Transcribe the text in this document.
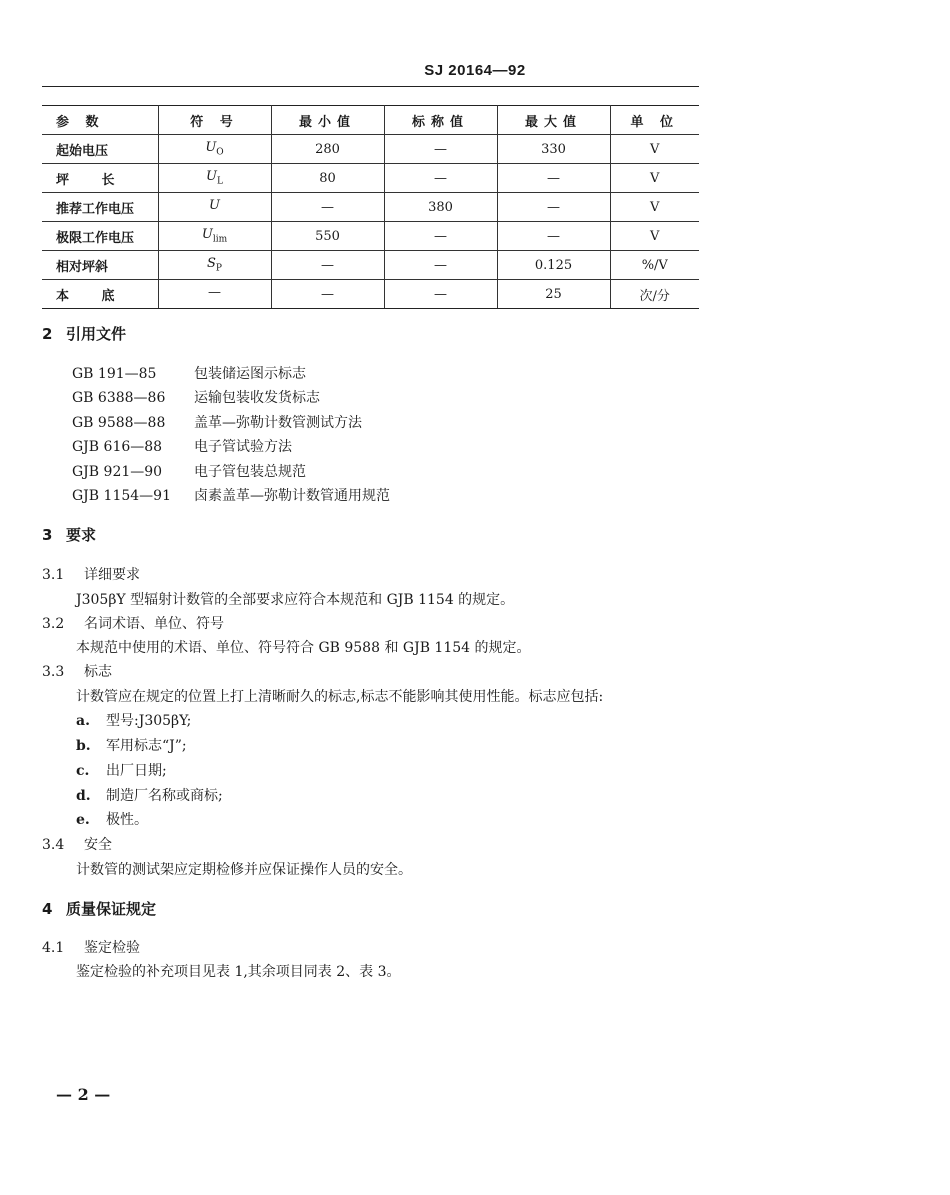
SJ 20164—92
参 数	符 号	最小值	标称值	最大值	单 位
起始电压	$U_O$	280	—	330	V
坪 长	$U_L$	80	—	—	V
推荐工作电压	U	—	380	—	V
极限工作电压	$U_{lim}$	550	—	—	V
相对坪斜	$S_P$	—	—	0.125	%/V
本 底	—	—	—	25	次/分
2 引用文件
GB 191—85	包装储运图示标志
GB 6388—86 运输包装收发货标志
GB 9588—88 盖革—弥勒计数管测试方法
GJB 616—88 电子管试验方法
GJB 921—90 电子管包装总规范
GJB 1154—91 卤素盖革—弥勒计数管通用规范
3 要求
3.1 详细要求
J305βY 型辐射计数管的全部要求应符合本规范和 GJB 1154 的规定。
3.2 名词术语、单位、符号
本规范中使用的术语、单位、符号符合 GB 9588 和 GJB 1154 的规定。
3.3 标志
计数管应在规定的位置上打上清晰耐久的标志,标志不能影响其使用性能。标志应包括:
a. 型号:J305βY;
b. 军用标志“J”;
c. 出厂日期;
d. 制造厂名称或商标;
e. 极性。
3.4 安全
计数管的测试架应定期检修并应保证操作人员的安全。
4 质量保证规定
4.1 鉴定检验
鉴定检验的补充项目见表 1,其余项目同表 2、表 3。
— 2 —
